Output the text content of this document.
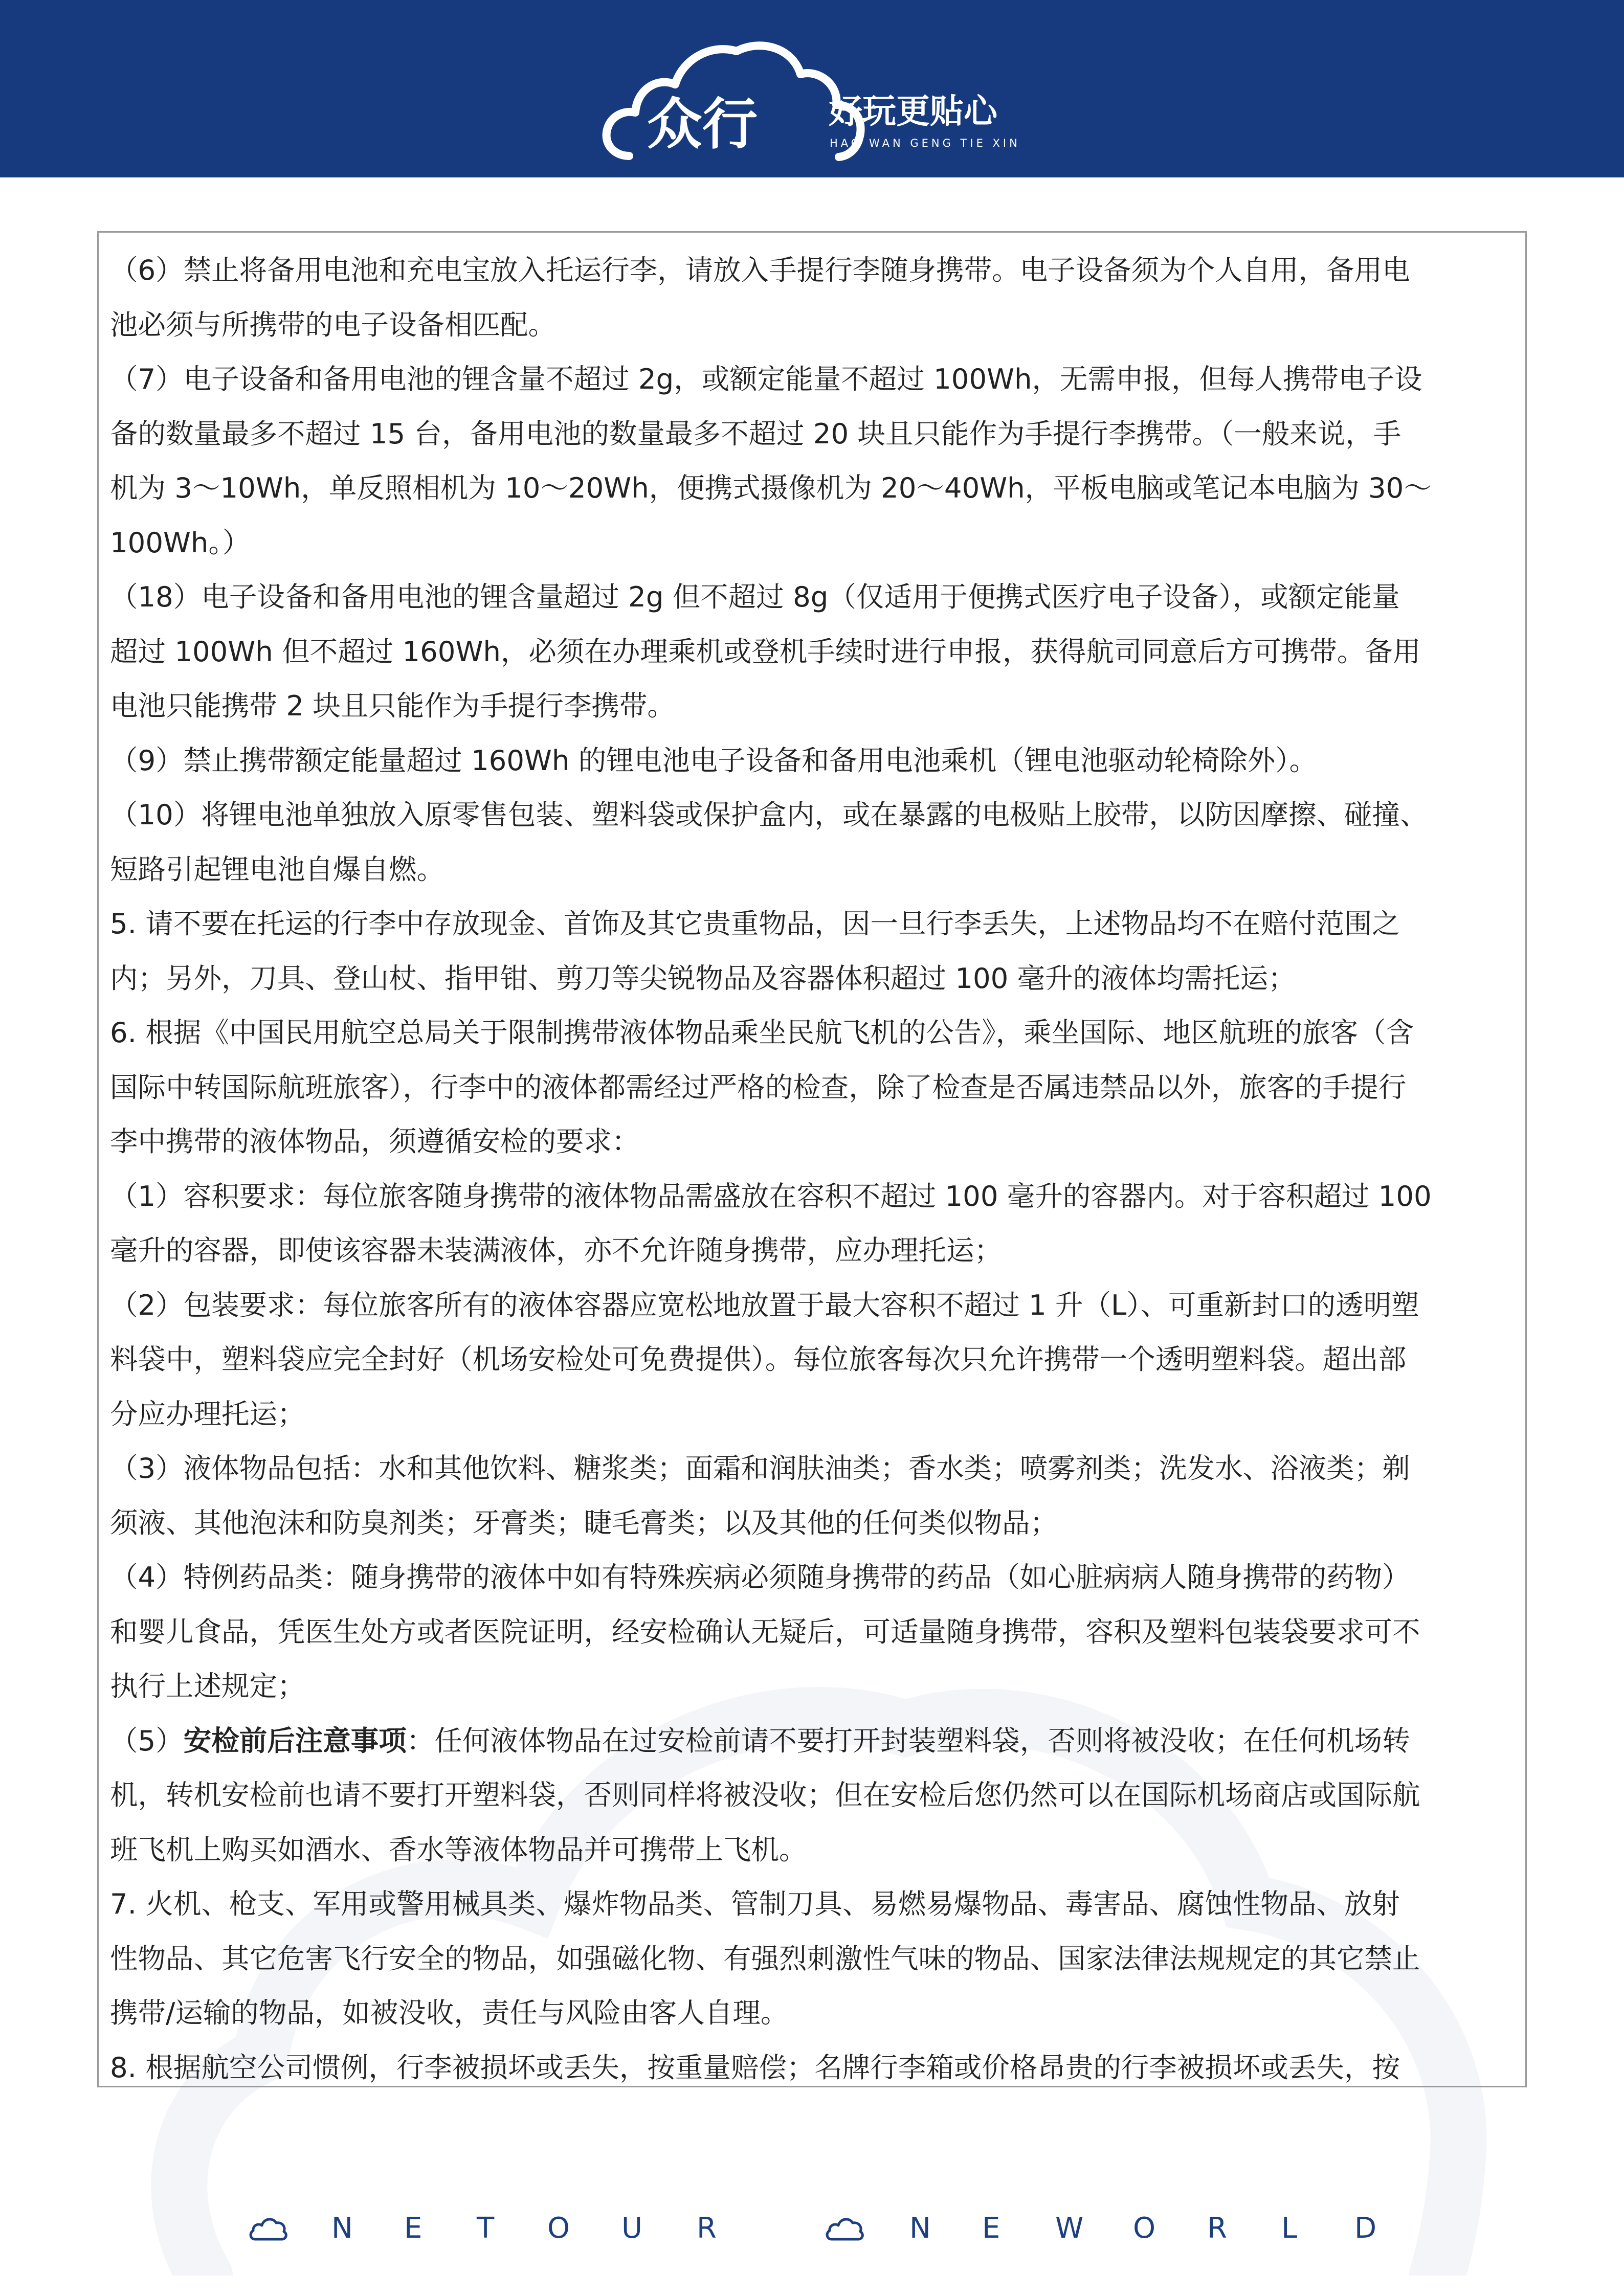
众行 好玩更贴心
HAO WAN GENG TIE XIN

（6）禁止将备用电池和充电宝放入托运行李，请放入手提行李随身携带。电子设备须为个人自用，备用电

池必须与所携带的电子设备相匹配。

（7）电子设备和备用电池的锂含量不超过 2g，或额定能量不超过 100Wh，无需申报，但每人携带电子设

备的数量最多不超过 15 台，备用电池的数量最多不超过 20 块且只能作为手提行李携带。（一般来说，手

机为 3～10Wh，单反照相机为 10～20Wh，便携式摄像机为 20～40Wh，平板电脑或笔记本电脑为 30～

100Wh。）

（18）电子设备和备用电池的锂含量超过 2g 但不超过 8g（仅适用于便携式医疗电子设备），或额定能量

超过 100Wh 但不超过 160Wh，必须在办理乘机或登机手续时进行申报，获得航司同意后方可携带。备用

电池只能携带 2 块且只能作为手提行李携带。

（9）禁止携带额定能量超过 160Wh 的锂电池电子设备和备用电池乘机（锂电池驱动轮椅除外）。

（10）将锂电池单独放入原零售包装、塑料袋或保护盒内，或在暴露的电极贴上胶带，以防因摩擦、碰撞、

短路引起锂电池自爆自燃。

5. 请不要在托运的行李中存放现金、首饰及其它贵重物品，因一旦行李丢失，上述物品均不在赔付范围之

内；另外，刀具、登山杖、指甲钳、剪刀等尖锐物品及容器体积超过 100 毫升的液体均需托运；

6. 根据《中国民用航空总局关于限制携带液体物品乘坐民航飞机的公告》，乘坐国际、地区航班的旅客（含

国际中转国际航班旅客），行李中的液体都需经过严格的检查，除了检查是否属违禁品以外，旅客的手提行

李中携带的液体物品，须遵循安检的要求：

（1）容积要求：每位旅客随身携带的液体物品需盛放在容积不超过 100 毫升的容器内。对于容积超过 100

毫升的容器，即使该容器未装满液体，亦不允许随身携带，应办理托运；

（2）包装要求：每位旅客所有的液体容器应宽松地放置于最大容积不超过 1 升（L）、可重新封口的透明塑

料袋中，塑料袋应完全封好（机场安检处可免费提供）。每位旅客每次只允许携带一个透明塑料袋。超出部

分应办理托运；

（3）液体物品包括：水和其他饮料、糖浆类；面霜和润肤油类；香水类；喷雾剂类；洗发水、浴液类；剃

须液、其他泡沫和防臭剂类；牙膏类；睫毛膏类；以及其他的任何类似物品；

（4）特例药品类：随身携带的液体中如有特殊疾病必须随身携带的药品（如心脏病病人随身携带的药物）

和婴儿食品，凭医生处方或者医院证明，经安检确认无疑后，可适量随身携带，容积及塑料包装袋要求可不

执行上述规定；

（5）安检前后注意事项：任何液体物品在过安检前请不要打开封装塑料袋，否则将被没收；在任何机场转

机，转机安检前也请不要打开塑料袋，否则同样将被没收；但在安检后您仍然可以在国际机场商店或国际航

班飞机上购买如酒水、香水等液体物品并可携带上飞机。

7. 火机、枪支、军用或警用械具类、爆炸物品类、管制刀具、易燃易爆物品、毒害品、腐蚀性物品、放射

性物品、其它危害飞行安全的物品，如强磁化物、有强烈刺激性气味的物品、国家法律法规规定的其它禁止

携带/运输的物品，如被没收，责任与风险由客人自理。

8. 根据航空公司惯例，行李被损坏或丢失，按重量赔偿；名牌行李箱或价格昂贵的行李被损坏或丢失，按

N E T O U R	N E W O R L D
